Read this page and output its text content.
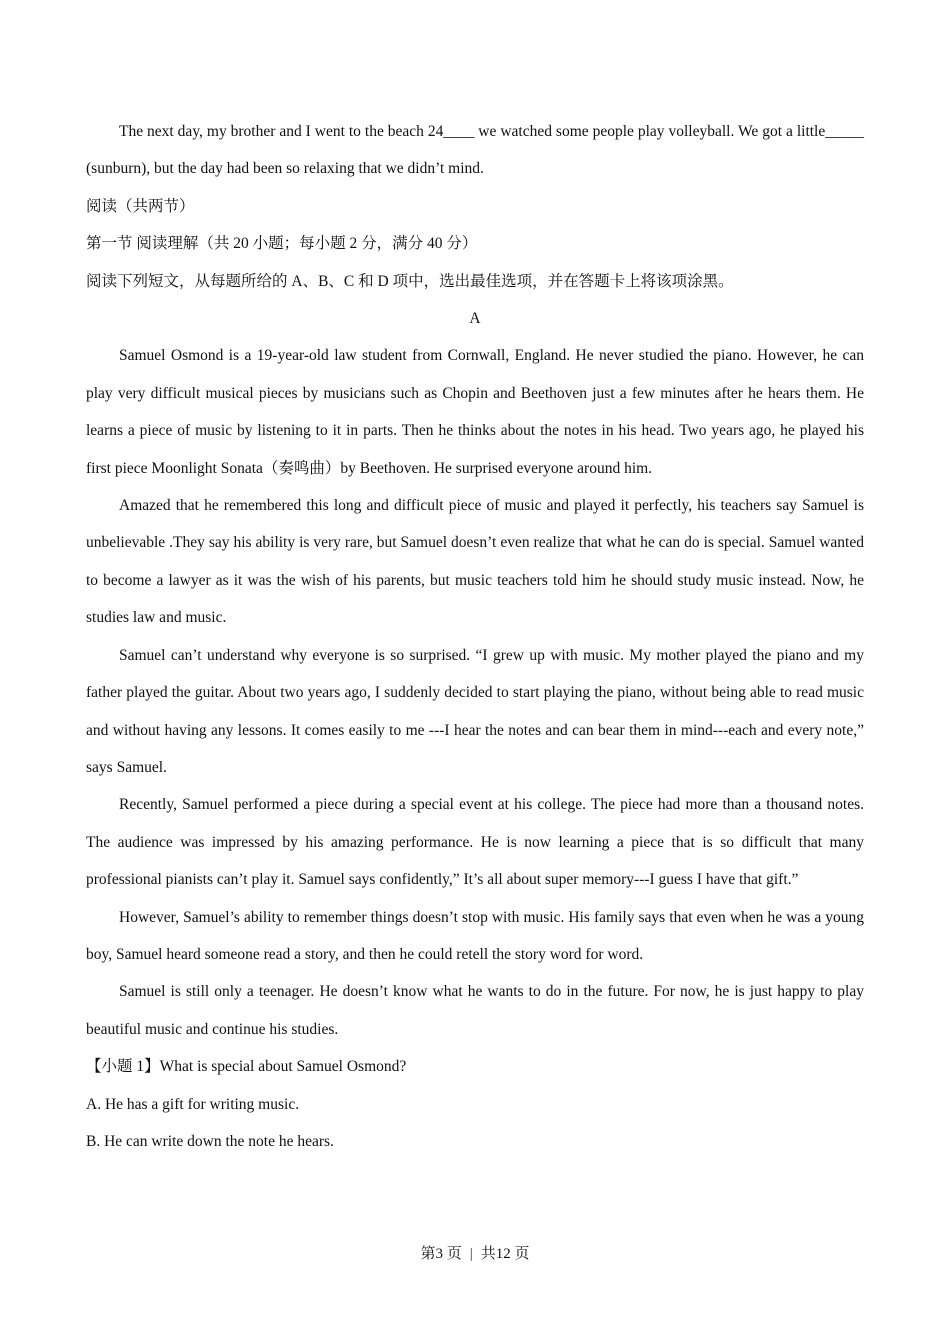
The next day, my brother and I went to the beach 24____ we watched some people play volleyball. We got a little_____ (sunburn), but the day had been so relaxing that we didn’t mind.

阅读（共两节）

第一节 阅读理解（共 20 小题；每小题 2 分，满分 40 分）

阅读下列短文，从每题所给的 A、B、C 和 D 项中，选出最佳选项，并在答题卡上将该项涂黑。

A

Samuel Osmond is a 19-year-old law student from Cornwall, England. He never studied the piano. However, he can play very difficult musical pieces by musicians such as Chopin and Beethoven just a few minutes after he hears them. He learns a piece of music by listening to it in parts. Then he thinks about the notes in his head. Two years ago, he played his first piece Moonlight Sonata（奏鸣曲）by Beethoven. He surprised everyone around him.

Amazed that he remembered this long and difficult piece of music and played it perfectly, his teachers say Samuel is unbelievable .They say his ability is very rare, but Samuel doesn’t even realize that what he can do is special. Samuel wanted to become a lawyer as it was the wish of his parents, but music teachers told him he should study music instead. Now, he studies law and music.

Samuel can’t understand why everyone is so surprised. “I grew up with music. My mother played the piano and my father played the guitar. About two years ago, I suddenly decided to start playing the piano, without being able to read music and without having any lessons. It comes easily to me ---I hear the notes and can bear them in mind---each and every note,” says Samuel.

Recently, Samuel performed a piece during a special event at his college. The piece had more than a thousand notes. The audience was impressed by his amazing performance. He is now learning a piece that is so difficult that many professional pianists can’t play it. Samuel says confidently,” It’s all about super memory---I guess I have that gift.”

However, Samuel’s ability to remember things doesn’t stop with music. His family says that even when he was a young boy, Samuel heard someone read a story, and then he could retell the story word for word.

Samuel is still only a teenager. He doesn’t know what he wants to do in the future. For now, he is just happy to play beautiful music and continue his studies.

【小题 1】What is special about Samuel Osmond?

A. He has a gift for writing music.

B. He can write down the note he hears.

第3 页 | 共12 页
